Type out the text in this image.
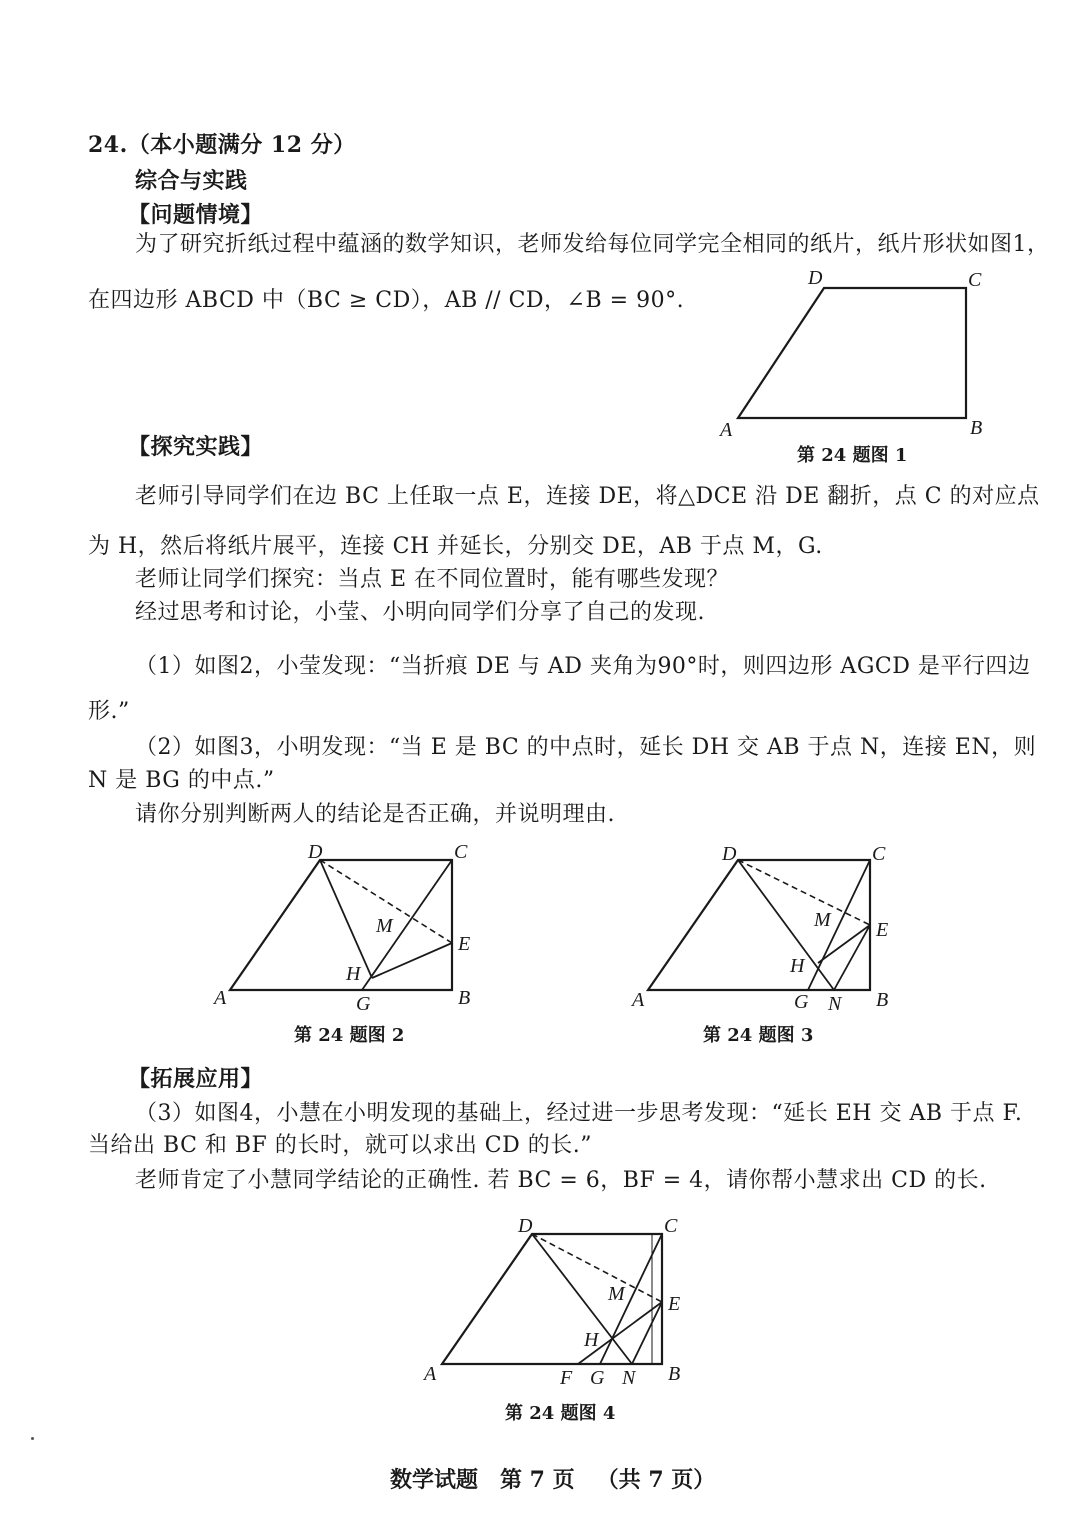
24.（本小题满分 12 分）
综合与实践
【问题情境】
为了研究折纸过程中蕴涵的数学知识，老师发给每位同学完全相同的纸片，纸片形状如图1，
在四边形 ABCD 中（BC ≥ CD），AB // CD，∠B = 90°.
D	C
A	B
第 24 题图 1
【探究实践】
老师引导同学们在边 BC 上任取一点 E，连接 DE，将△DCE 沿 DE 翻折，点 C 的对应点
为 H，然后将纸片展平，连接 CH 并延长，分别交 DE，AB 于点 M，G.
老师让同学们探究：当点 E 在不同位置时，能有哪些发现？
经过思考和讨论，小莹、小明向同学们分享了自己的发现.
（1）如图2，小莹发现：“当折痕 DE 与 AD 夹角为90°时，则四边形 AGCD 是平行四边
形.”
（2）如图3，小明发现：“当 E 是 BC 的中点时，延长 DH 交 AB 于点 N，连接 EN，则
N 是 BG 的中点.”
请你分别判断两人的结论是否正确，并说明理由.
D	C
M
E
H
A	G	B
第 24 题图 2
D	C
M E
H
A	G N B
第 24 题图 3
【拓展应用】
（3）如图4，小慧在小明发现的基础上，经过进一步思考发现：“延长 EH 交 AB 于点 F.
当给出 BC 和 BF 的长时，就可以求出 CD 的长.”
老师肯定了小慧同学结论的正确性. 若 BC = 6，BF = 4，请你帮小慧求出 CD 的长.
D	C
M E
H
A	F G N B
第 24 题图 4
数学试题 第 7 页 （共 7 页）
